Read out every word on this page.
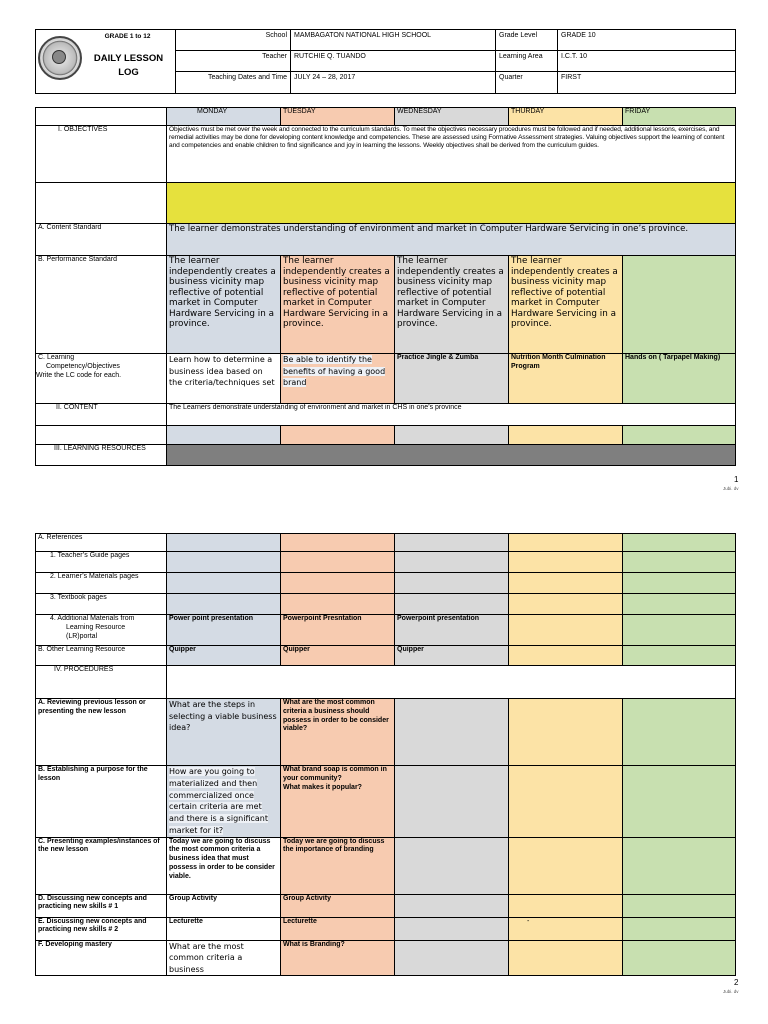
GRADE 1 to 12
DAILY LESSON LOG	School	MAMBAGATON NATIONAL HIGH SCHOOL	Grade Level	GRADE 10
	Teacher	RUTCHIE Q. TUANDO	Learning Area	I.C.T. 10
	Teaching Dates and Time	JULY 24 – 28, 2017	Quarter	FIRST
	MONDAY	TUESDAY	WEDNESDAY	THURDAY	FRIDAY
I. OBJECTIVES	Objectives must be met over the week and connected to the curriculum standards. To meet the objectives necessary procedures must be followed and if needed, additional lessons, exercises, and remedial activities may be done for developing content knowledge and competencies. These are assessed using Formative Assessment strategies. Valuing objectives support the learning of content and competencies and enable children to find significance and joy in learning the lessons. Weekly objectives shall be derived from the curriculum guides.				

A. Content Standard	The learner demonstrates understanding of environment and market in Computer Hardware Servicing in one’s province.				
B. Performance Standard	The learner independently creates a business vicinity map reflective of potential market in Computer Hardware Servicing in a province.	The learner independently creates a business vicinity map reflective of potential market in Computer Hardware Servicing in a province.	The learner independently creates a business vicinity map reflective of potential market in Computer Hardware Servicing in a province.	The learner independently creates a business vicinity map reflective of potential market in Computer Hardware Servicing in a province.	

C. Learning
Competency/Objectives
Write the LC code for each.	Learn how to determine a business idea based on the criteria/techniques set	Be able to identify the benefits of having a good brand	Practice Jingle & Zumba	Nutrition Month Culmination Program	Hands on ( Tarpapel Making)
II. CONTENT	The Learners demonstrate understanding of environment and market in CHS in one’s province				

III. LEARNING RESOURCES					
1
Jubi. dv
A. References					
1. Teacher’s Guide pages					
2. Learner’s Materials pages					
3. Textbook pages					

4. Additional Materials from
Learning Resource
(LR)portal	Power point presentation	Powerpoint Presntation	Powerpoint presentation		
B. Other Learning Resource	Quipper	Quipper	Quipper		
IV. PROCEDURES					
A. Reviewing previous lesson or presenting the new lesson	What are the steps in selecting a viable business idea?	What are the most common criteria a business should possess in order to be consider viable?			
B. Establishing a purpose for the lesson	How are you going to materialized and then commercialized once certain criteria are met and there is a significant market for it?	What brand soap is common in your community?
What makes it popular?			

C. Presenting examples/instances of the new lesson	Today we are going to discuss the most common criteria a business idea that must possess in order to be consider viable.	Today we are going to discuss the importance of branding			
D. Discussing new concepts and practicing new skills # 1	Group Activity	Group Activity			
E. Discussing new concepts and practicing new skills # 2	Lecturette	Lecturette		-	
F. Developing mastery	What are the most common criteria a business	What is Branding?			
2
Jubi. dv
